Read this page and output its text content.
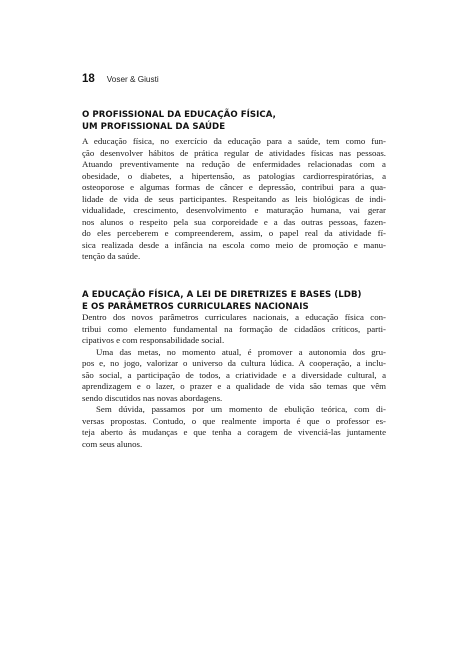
18 Voser & Giusti
O PROFISSIONAL DA EDUCAÇÃO FÍSICA,
UM PROFISSIONAL DA SAÚDE
A educação física, no exercício da educação para a saúde, tem como fun-
ção desenvolver hábitos de prática regular de atividades físicas nas pessoas.
Atuando preventivamente na redução de enfermidades relacionadas com a
obesidade, o diabetes, a hipertensão, as patologias cardiorrespiratórias, a
osteoporose e algumas formas de câncer e depressão, contribui para a qua-
lidade de vida de seus participantes. Respeitando as leis biológicas de indi-
vidualidade, crescimento, desenvolvimento e maturação humana, vai gerar
nos alunos o respeito pela sua corporeidade e a das outras pessoas, fazen-
do eles perceberem e compreenderem, assim, o papel real da atividade fí-
sica realizada desde a infância na escola como meio de promoção e manu-
tenção da saúde.
A EDUCAÇÃO FÍSICA, A LEI DE DIRETRIZES E BASES (LDB)
E OS PARÂMETROS CURRICULARES NACIONAIS
Dentro dos novos parâmetros curriculares nacionais, a educação física con-
tribui como elemento fundamental na formação de cidadãos críticos, parti-
cipativos e com responsabilidade social.
Uma das metas, no momento atual, é promover a autonomia dos gru-
pos e, no jogo, valorizar o universo da cultura lúdica. A cooperação, a inclu-
são social, a participação de todos, a criatividade e a diversidade cultural, a
aprendizagem e o lazer, o prazer e a qualidade de vida são temas que vêm
sendo discutidos nas novas abordagens.
Sem dúvida, passamos por um momento de ebulição teórica, com di-
versas propostas. Contudo, o que realmente importa é que o professor es-
teja aberto às mudanças e que tenha a coragem de vivenciá-las juntamente
com seus alunos.
